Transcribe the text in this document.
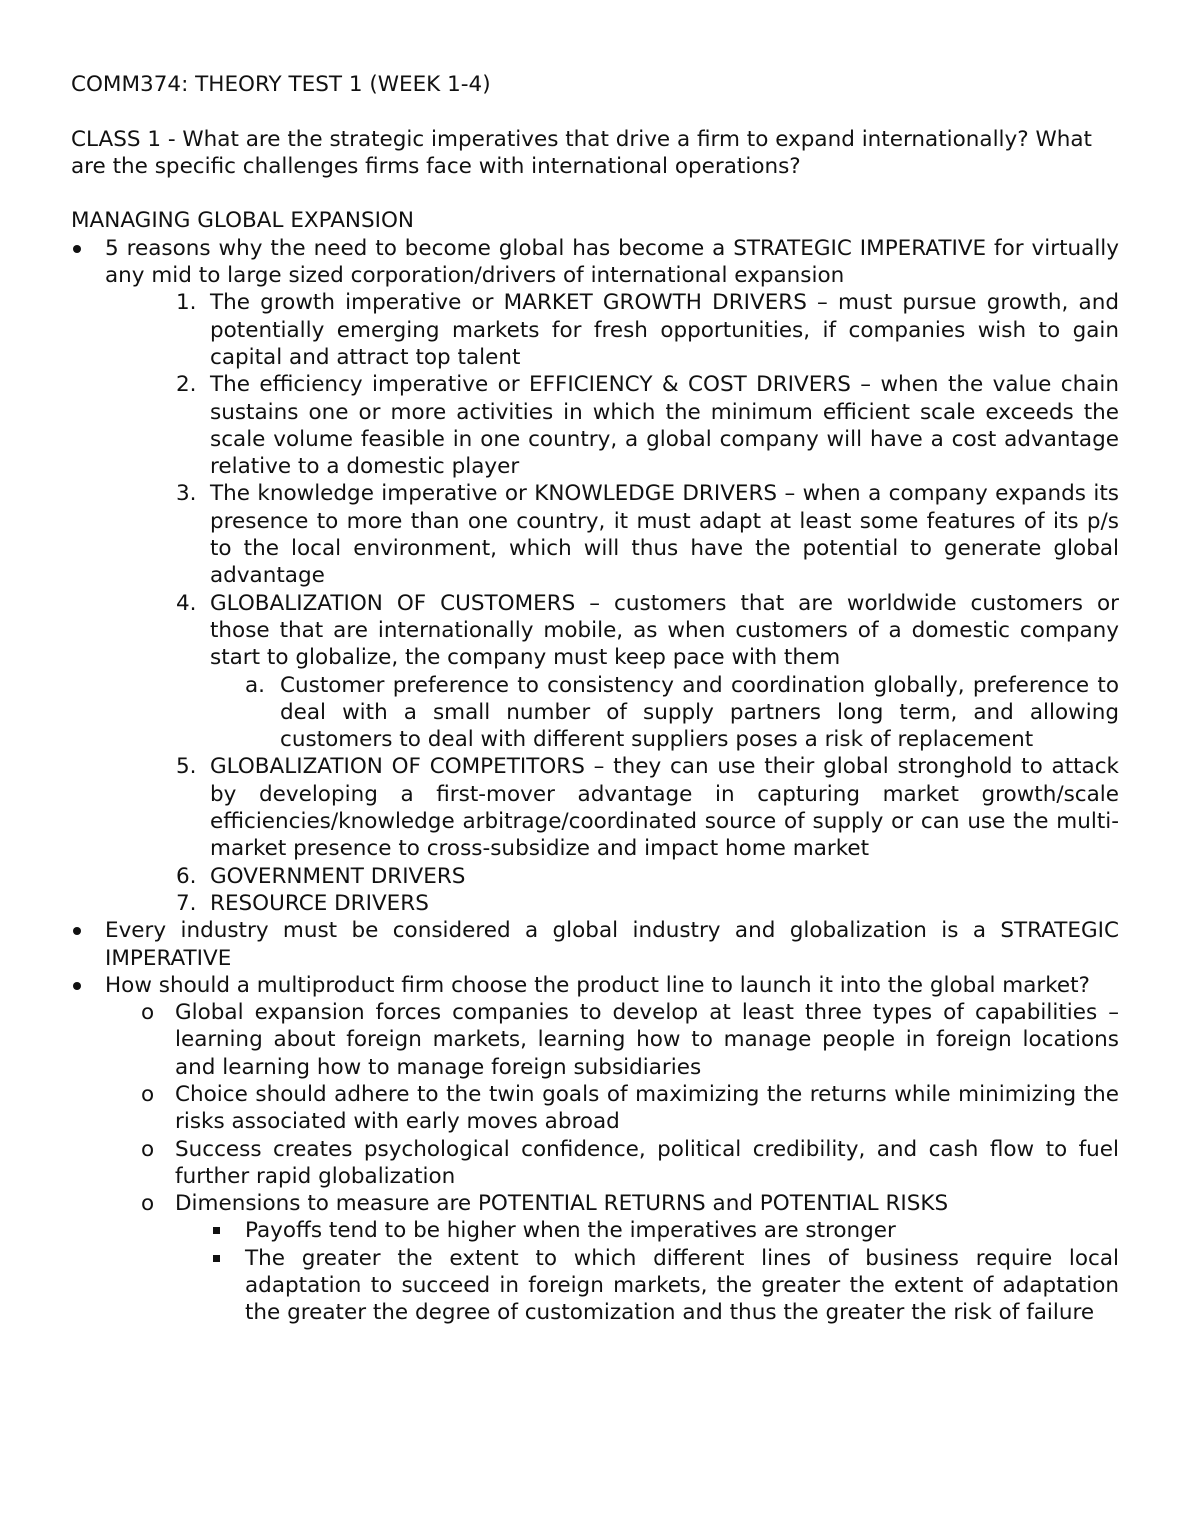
COMM374: THEORY TEST 1 (WEEK 1-4)

CLASS 1 - What are the strategic imperatives that drive a firm to expand internationally? What are the specific challenges firms face with international operations?

MANAGING GLOBAL EXPANSION

5 reasons why the need to become global has become a STRATEGIC IMPERATIVE for virtually any mid to large sized corporation/drivers of international expansion
1. The growth imperative or MARKET GROWTH DRIVERS – must pursue growth, and potentially emerging markets for fresh opportunities, if companies wish to gain capital and attract top talent
2. The efficiency imperative or EFFICIENCY & COST DRIVERS – when the value chain sustains one or more activities in which the minimum efficient scale exceeds the scale volume feasible in one country, a global company will have a cost advantage relative to a domestic player
3. The knowledge imperative or KNOWLEDGE DRIVERS – when a company expands its presence to more than one country, it must adapt at least some features of its p/s to the local environment, which will thus have the potential to generate global advantage
4. GLOBALIZATION OF CUSTOMERS – customers that are worldwide customers or those that are internationally mobile, as when customers of a domestic company start to globalize, the company must keep pace with them
a. Customer preference to consistency and coordination globally, preference to deal with a small number of supply partners long term, and allowing customers to deal with different suppliers poses a risk of replacement
5. GLOBALIZATION OF COMPETITORS – they can use their global stronghold to attack by developing a first-mover advantage in capturing market growth/scale efficiencies/knowledge arbitrage/coordinated source of supply or can use the multi-market presence to cross-subsidize and impact home market
6. GOVERNMENT DRIVERS
7. RESOURCE DRIVERS
Every industry must be considered a global industry and globalization is a STRATEGIC IMPERATIVE
How should a multiproduct firm choose the product line to launch it into the global market?
o Global expansion forces companies to develop at least three types of capabilities – learning about foreign markets, learning how to manage people in foreign locations and learning how to manage foreign subsidiaries
o Choice should adhere to the twin goals of maximizing the returns while minimizing the risks associated with early moves abroad
o Success creates psychological confidence, political credibility, and cash flow to fuel further rapid globalization
o Dimensions to measure are POTENTIAL RETURNS and POTENTIAL RISKS
Payoffs tend to be higher when the imperatives are stronger
The greater the extent to which different lines of business require local adaptation to succeed in foreign markets, the greater the extent of adaptation the greater the degree of customization and thus the greater the risk of failure
